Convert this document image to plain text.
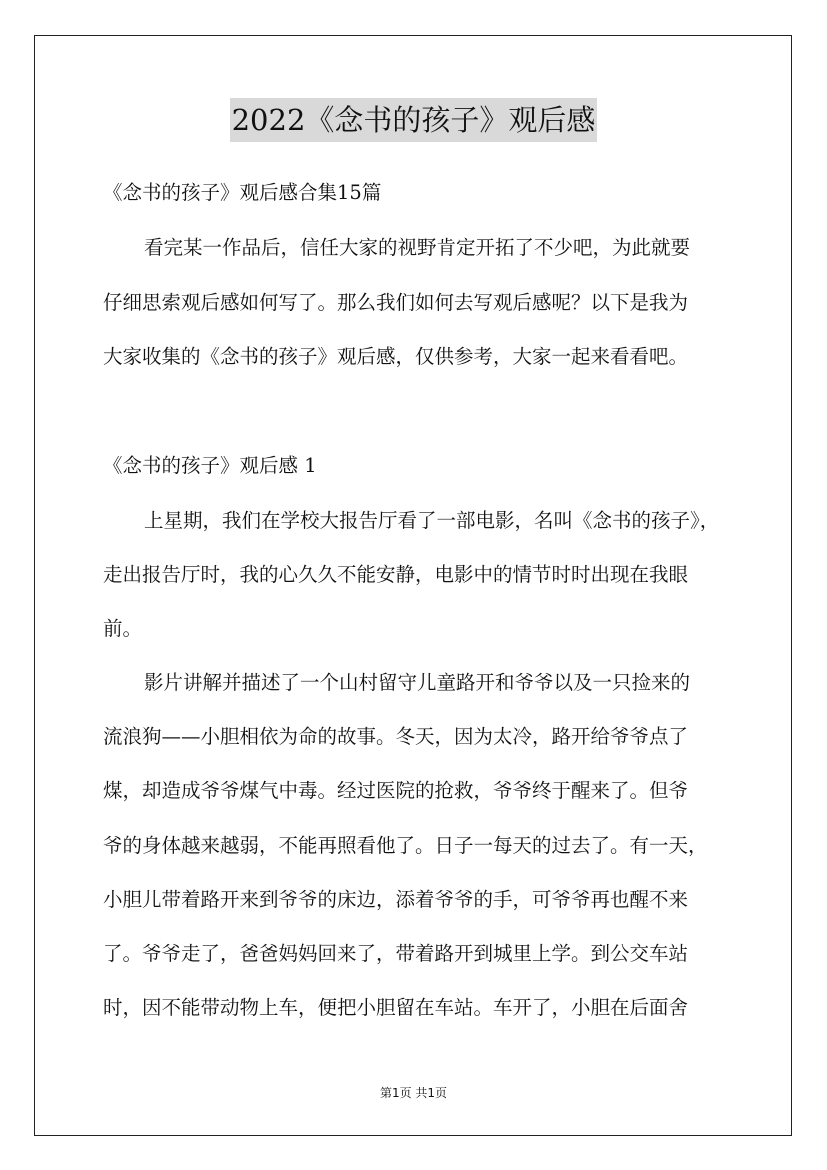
2022《念书的孩子》观后感
《念书的孩子》观后感合集15篇
看完某一作品后，信任大家的视野肯定开拓了不少吧，为此就要
仔细思索观后感如何写了。那么我们如何去写观后感呢？以下是我为
大家收集的《念书的孩子》观后感，仅供参考，大家一起来看看吧。
《念书的孩子》观后感 1
上星期，我们在学校大报告厅看了一部电影，名叫《念书的孩子》，
走出报告厅时，我的心久久不能安静，电影中的情节时时出现在我眼
前。
影片讲解并描述了一个山村留守儿童路开和爷爷以及一只捡来的
流浪狗——小胆相依为命的故事。冬天，因为太冷，路开给爷爷点了
煤，却造成爷爷煤气中毒。经过医院的抢救，爷爷终于醒来了。但爷
爷的身体越来越弱，不能再照看他了。日子一每天的过去了。有一天，
小胆儿带着路开来到爷爷的床边，添着爷爷的手，可爷爷再也醒不来
了。爷爷走了，爸爸妈妈回来了，带着路开到城里上学。到公交车站
时，因不能带动物上车，便把小胆留在车站。车开了，小胆在后面舍
第1页 共1页
